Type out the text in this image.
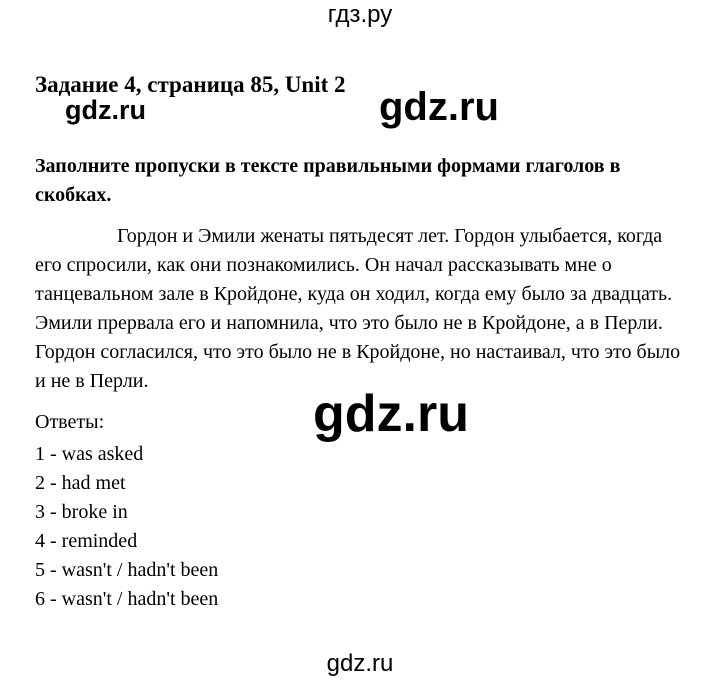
гдз.ру
Задание 4, страница 85, Unit 2
gdz.ru	gdz.ru
Заполните пропуски в тексте правильными формами глаголов в скобках.
Гордон и Эмили женаты пятьдесят лет. Гордон улыбается, когда его спросили, как они познакомились. Он начал рассказывать мне о танцевальном зале в Кройдоне, куда он ходил, когда ему было за двадцать. Эмили прервала его и напомнила, что это было не в Кройдоне, а в Перли. Гордон согласился, что это было не в Кройдоне, но настаивал, что это было и не в Перли.
Ответы:	gdz.ru
1 - was asked
2 - had met
3 - broke in
4 - reminded
5 - wasn't / hadn't been
6 - wasn't / hadn't been
gdz.ru
